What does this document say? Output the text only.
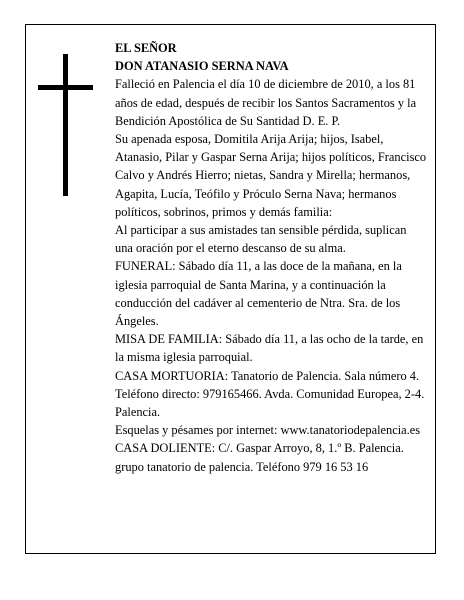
EL SEÑOR

DON ATANASIO SERNA NAVA

Falleció en Palencia el día 10 de diciembre de 2010, a los 81 años de edad, después de recibir los Santos Sacramentos y la Bendición Apostólica de Su Santidad D. E. P.

Su apenada esposa, Domitila Arija Arija; hijos, Isabel, Atanasio, Pilar y Gaspar Serna Arija; hijos políticos, Francisco Calvo y Andrés Hierro; nietas, Sandra y Mirella; hermanos, Agapita, Lucía, Teófilo y Próculo Serna Nava; hermanos políticos, sobrinos, primos y demás familia:

Al participar a sus amistades tan sensible pérdida, suplican una oración por el eterno descanso de su alma.

FUNERAL: Sábado día 11, a las doce de la mañana, en la iglesia parroquial de Santa Marina, y a continuación la conducción del cadáver al cementerio de Ntra. Sra. de los Ángeles.

MISA DE FAMILIA: Sábado día 11, a las ocho de la tarde, en la misma iglesia parroquial.

CASA MORTUORIA: Tanatorio de Palencia. Sala número 4. Teléfono directo: 979165466. Avda. Comunidad Europea, 2-4. Palencia.

Esquelas y pésames por internet: www.tanatoriodepalencia.es

CASA DOLIENTE: C/. Gaspar Arroyo, 8, 1.º B. Palencia.

grupo tanatorio de palencia. Teléfono 979 16 53 16
